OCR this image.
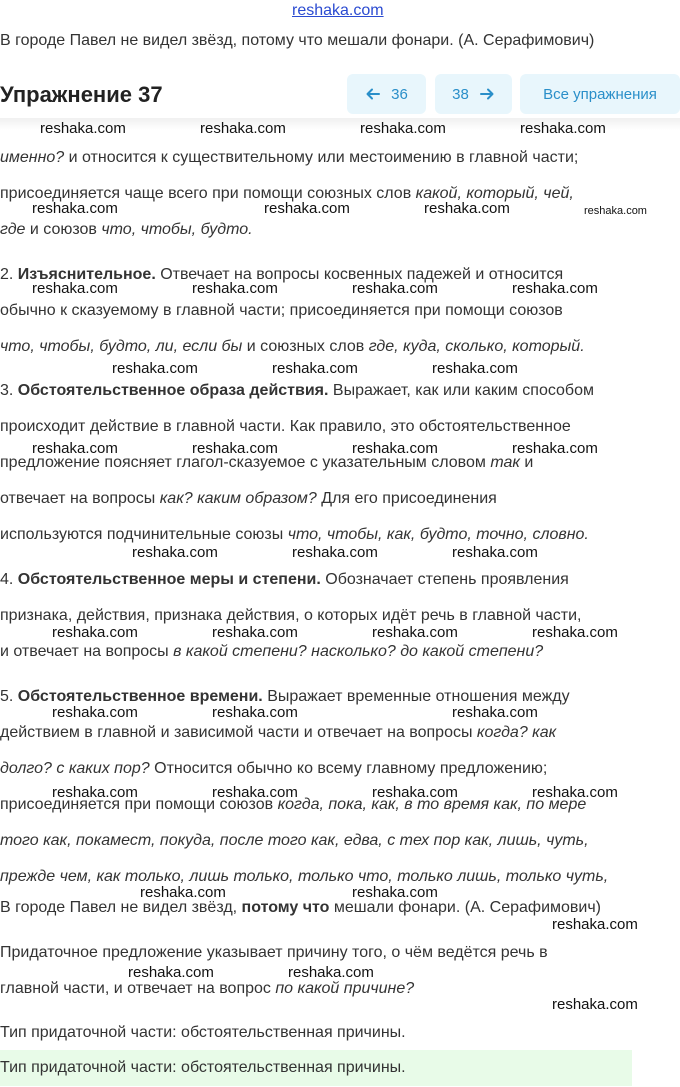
reshaka.com
В городе Павел не видел звёзд, потому что мешали фонари. (А. Серафимович)
Упражнение 37	36	38	Все упражнения
именно? и относится к существительному или местоимению в главной части;
присоединяется чаще всего при помощи союзных слов какой, который, чей,
где и союзов что, чтобы, будто.
2. Изъяснительное. Отвечает на вопросы косвенных падежей и относится
обычно к сказуемому в главной части; присоединяется при помощи союзов
что, чтобы, будто, ли, если бы и союзных слов где, куда, сколько, который.
3. Обстоятельственное образа действия. Выражает, как или каким способом
происходит действие в главной части. Как правило, это обстоятельственное
предложение поясняет глагол-сказуемое с указательным словом так и
отвечает на вопросы как? каким образом? Для его присоединения
используются подчинительные союзы что, чтобы, как, будто, точно, словно.
4. Обстоятельственное меры и степени. Обозначает степень проявления
признака, действия, признака действия, о которых идёт речь в главной части,
и отвечает на вопросы в какой степени? насколько? до какой степени?
5. Обстоятельственное времени. Выражает временные отношения между
действием в главной и зависимой части и отвечает на вопросы когда? как
долго? с каких пор? Относится обычно ко всему главному предложению;
присоединяется при помощи союзов когда, пока, как, в то время как, по мере
того как, покамест, покуда, после того как, едва, с тех пор как, лишь, чуть,
прежде чем, как только, лишь только, только что, только лишь, только чуть,
В городе Павел не видел звёзд, потому что мешали фонари. (А. Серафимович)
Придаточное предложение указывает причину того, о чём ведётся речь в
главной части, и отвечает на вопрос по какой причине?
Тип придаточной части: обстоятельственная причины.
Тип придаточной части: обстоятельственная причины.
reshaka.com	reshaka.com	reshaka.com	reshaka.com
reshaka.com	reshaka.com	reshaka.com	reshaka.com
reshaka.com	reshaka.com	reshaka.com	reshaka.com
reshaka.com	reshaka.com	reshaka.com
reshaka.com	reshaka.com	reshaka.com	reshaka.com
reshaka.com	reshaka.com	reshaka.com
reshaka.com	reshaka.com	reshaka.com	reshaka.com
reshaka.com	reshaka.com	reshaka.com
reshaka.com	reshaka.com	reshaka.com	reshaka.com
reshaka.com	reshaka.com
reshaka.com
reshaka.com	reshaka.com
reshaka.com
